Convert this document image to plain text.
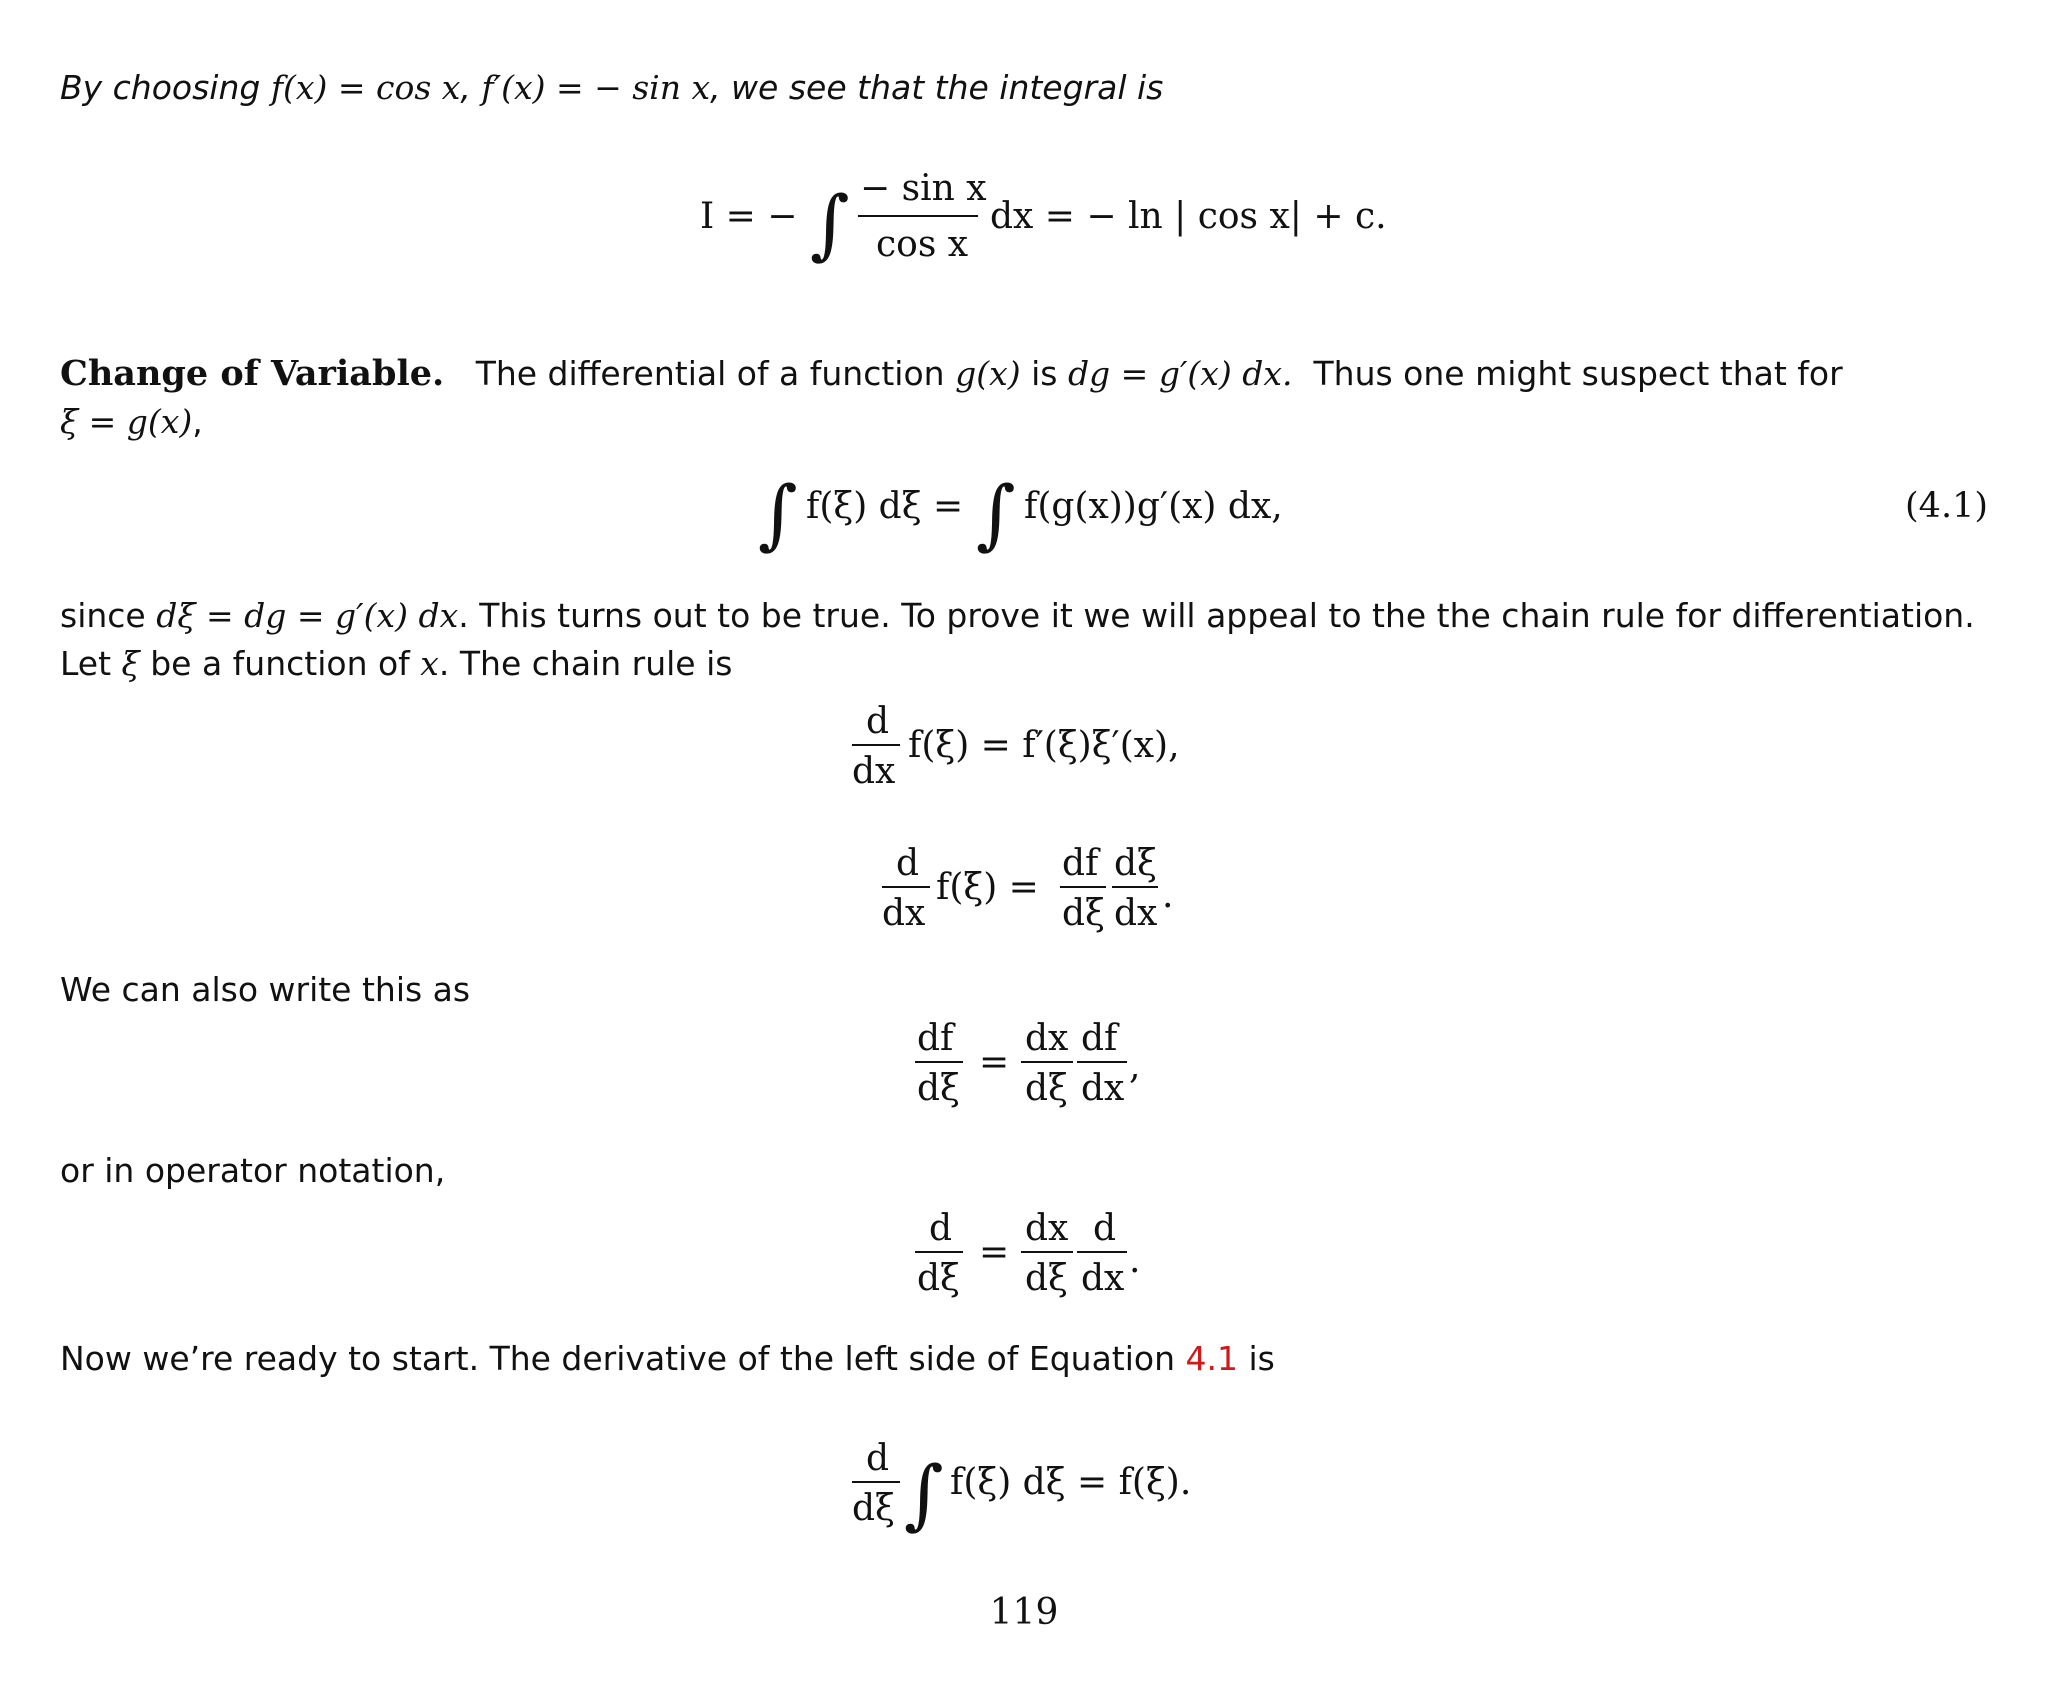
By choosing f(x) = cos x, f′(x) = − sin x, we see that the integral is
I = − ∫ − sin x
cos x
dx = − ln | cos x| + c.
Change of Variable. The differential of a function g(x) is dg = g′(x) dx. Thus one might suspect that for
ξ = g(x),
∫ f(ξ) dξ = ∫ f(g(x))g′(x) dx,	(4.1)
since dξ = dg = g′(x) dx. This turns out to be true. To prove it we will appeal to the the chain rule for differentiation.
Let ξ be a function of x. The chain rule is
d
dx
f(ξ) = f′(ξ)ξ′(x),
d
dx
f(ξ) =
df
dξ
dξ
dx .
We can also write this as
df
dξ
=
dx
dξ
df
dx
,
or in operator notation,
d
dξ
=
dx
dξ
d
dx .
Now we’re ready to start. The derivative of the left side of Equation 4.1 is
d
dξ ∫ f(ξ) dξ = f(ξ).
119
